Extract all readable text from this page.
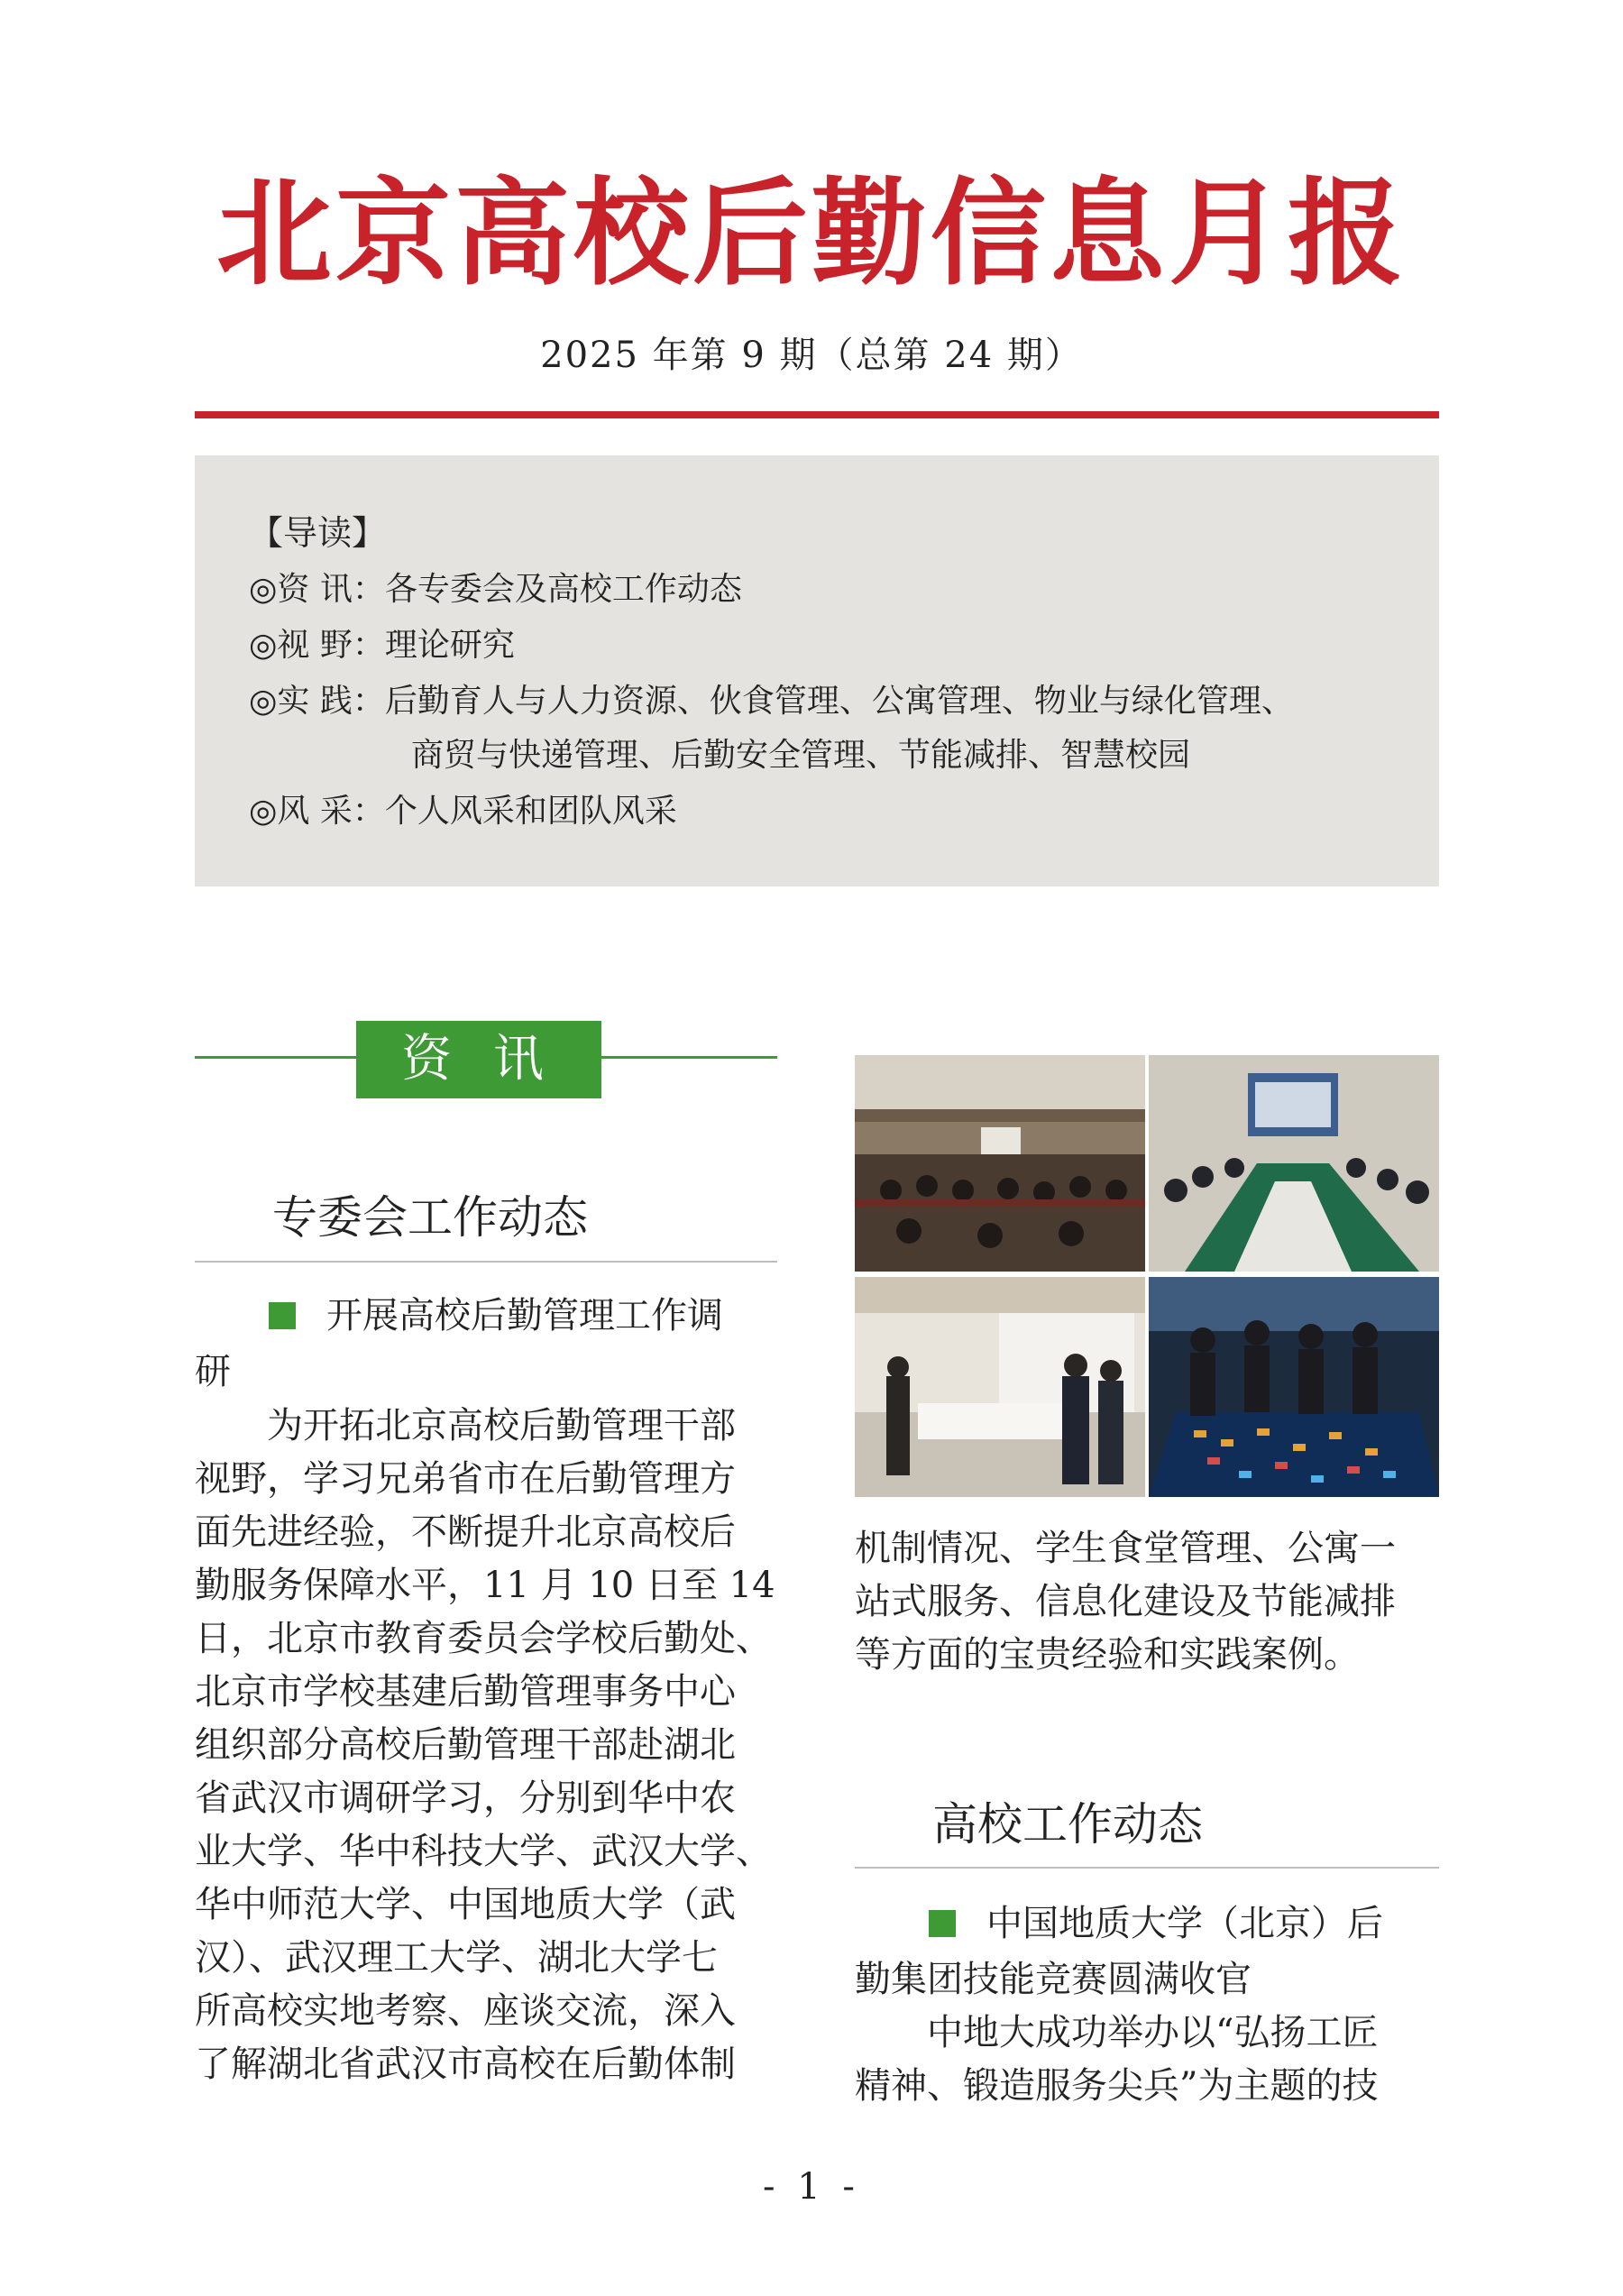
北京高校后勤信息月报
2025 年第 9 期（总第 24 期）
【导读】
◎资 讯：各专委会及高校工作动态
◎视 野：理论研究
◎实 践：后勤育人与人力资源、伙食管理、公寓管理、物业与绿化管理、
商贸与快递管理、后勤安全管理、节能减排、智慧校园
◎风 采：个人风采和团队风采
资 讯
专委会工作动态
开展高校后勤管理工作调
研
　　为开拓北京高校后勤管理干部
视野，学习兄弟省市在后勤管理方
面先进经验，不断提升北京高校后
勤服务保障水平，11 月 10 日至 14
日，北京市教育委员会学校后勤处、
北京市学校基建后勤管理事务中心
组织部分高校后勤管理干部赴湖北
省武汉市调研学习，分别到华中农
业大学、华中科技大学、武汉大学、
华中师范大学、中国地质大学（武
汉）、武汉理工大学、湖北大学七
所高校实地考察、座谈交流，深入
了解湖北省武汉市高校在后勤体制
机制情况、学生食堂管理、公寓一
站式服务、信息化建设及节能减排
等方面的宝贵经验和实践案例。
高校工作动态
中国地质大学（北京）后
勤集团技能竞赛圆满收官
　　中地大成功举办以“弘扬工匠
精神、锻造服务尖兵”为主题的技
- 1 -
